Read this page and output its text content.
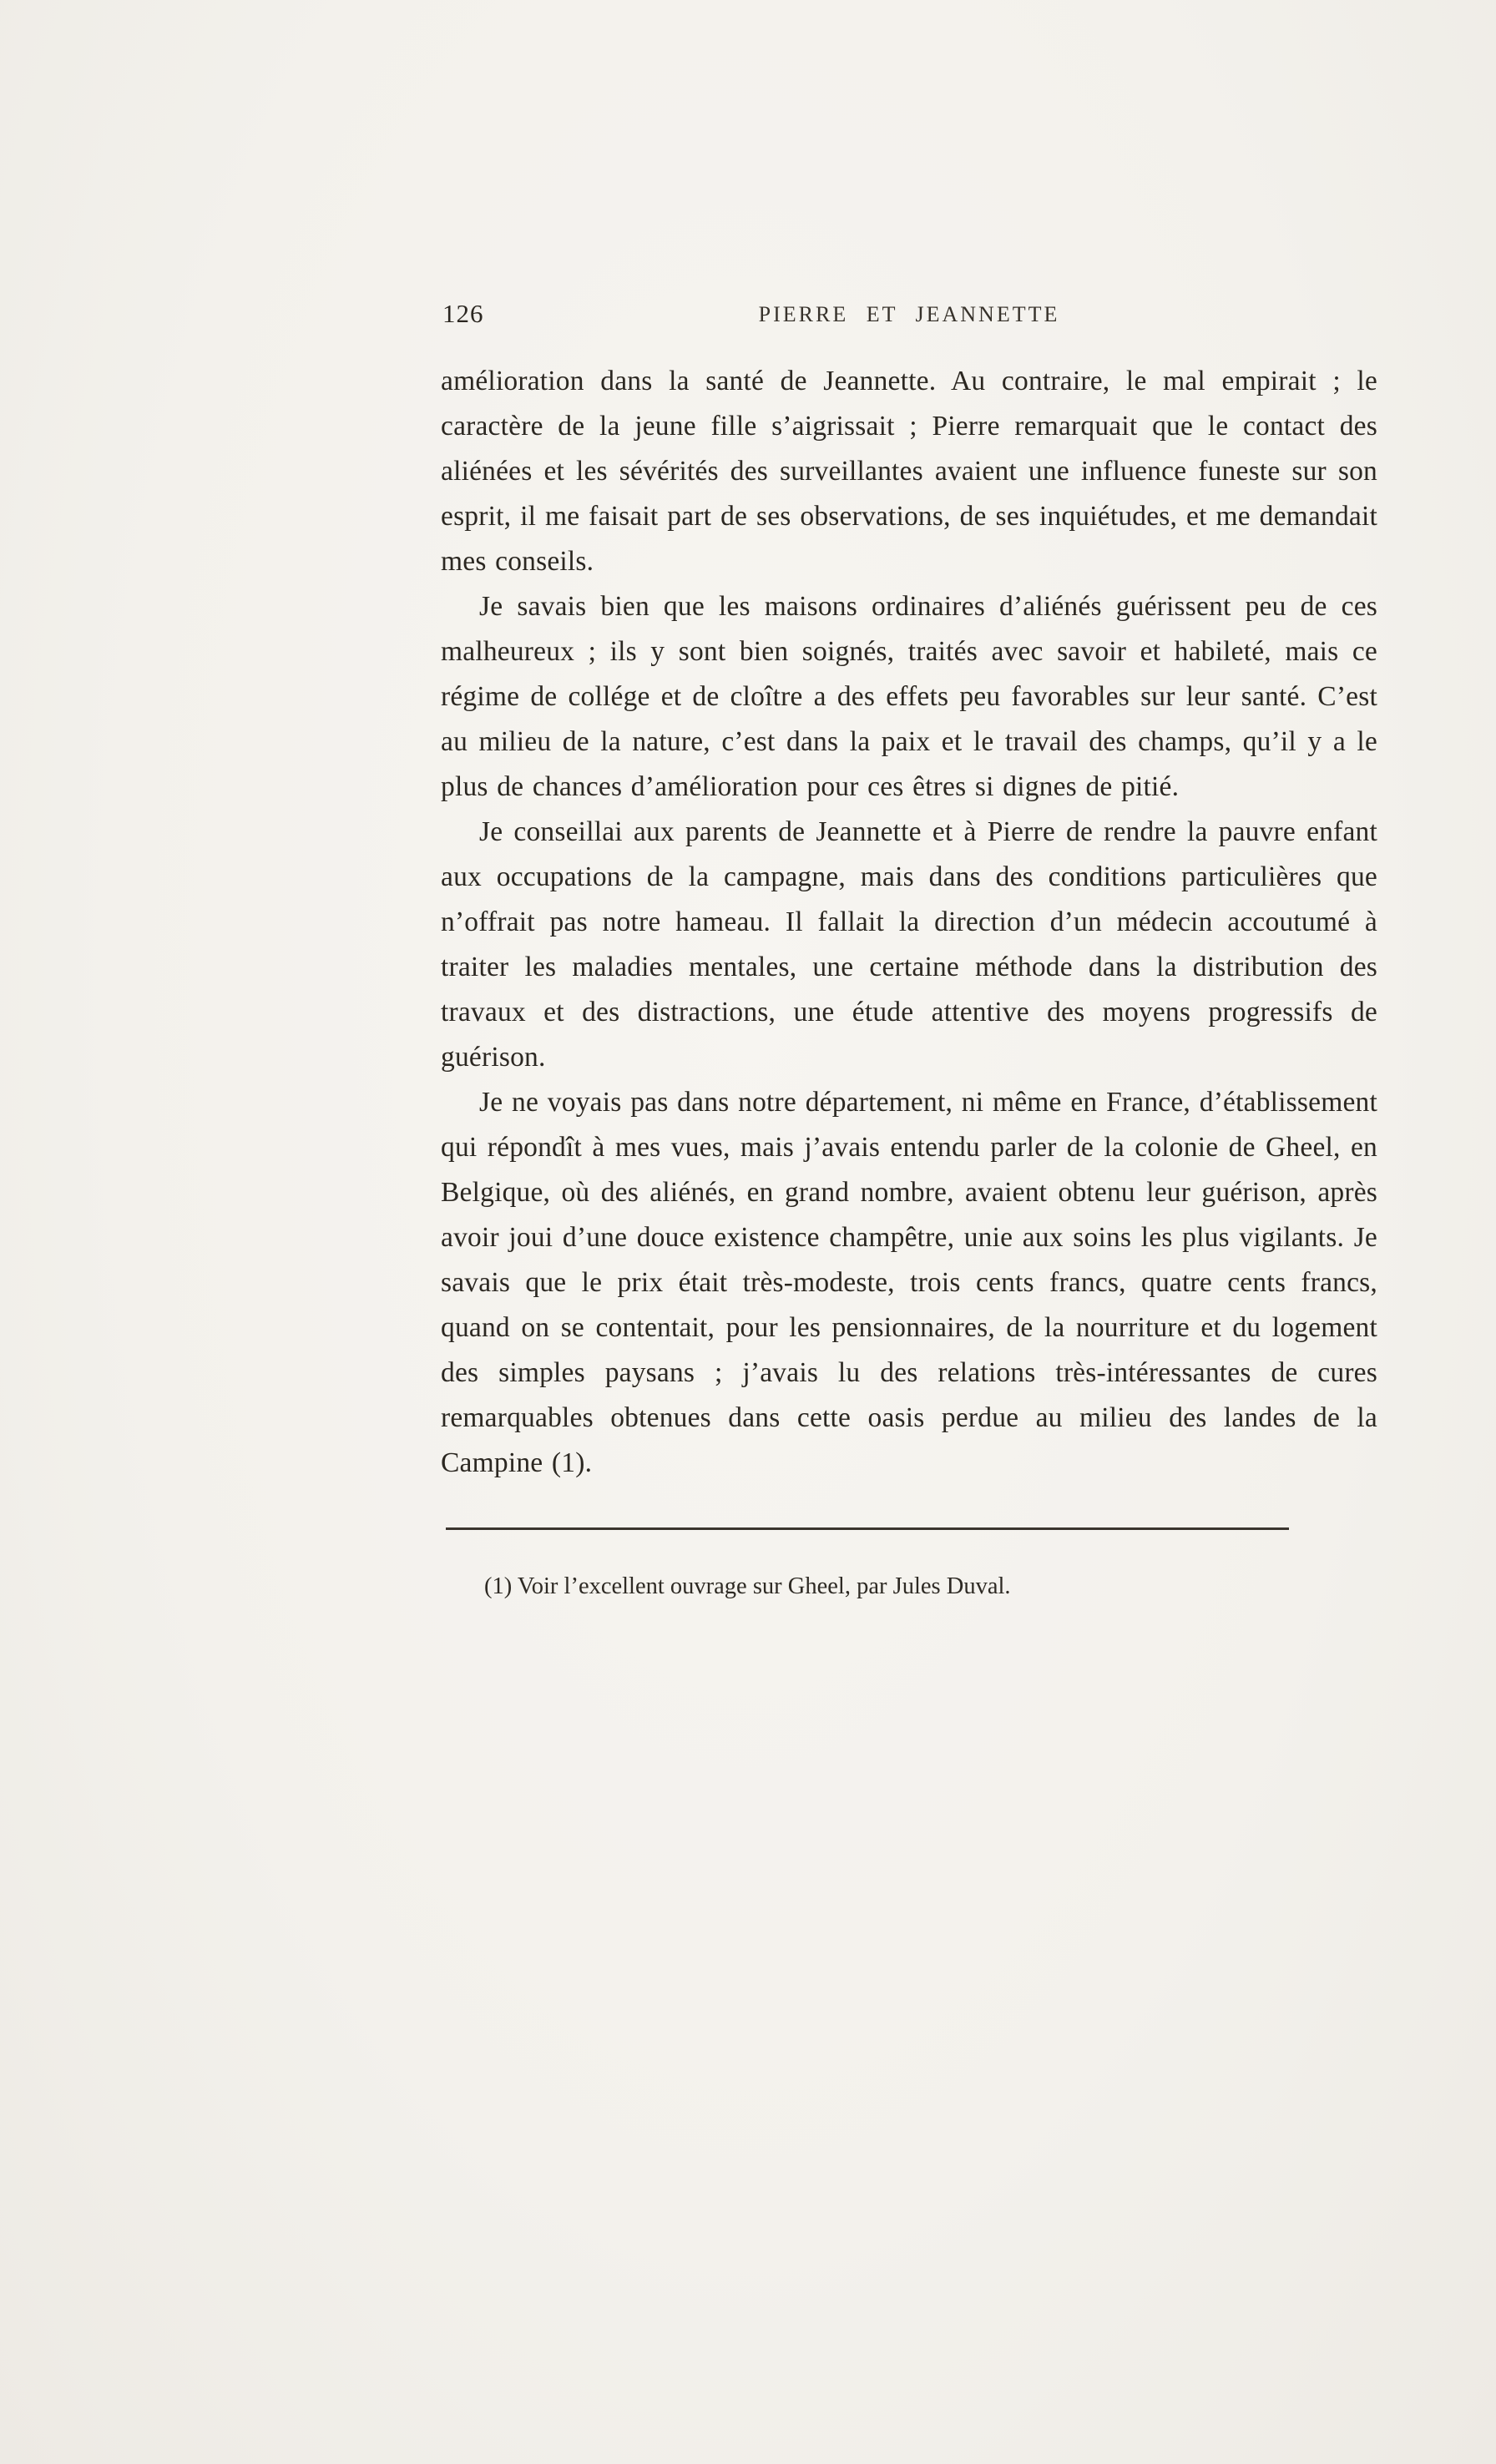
126	PIERRE ET JEANNETTE

amélioration dans la santé de Jeannette. Au contraire, le mal empirait ; le caractère de la jeune fille s’aigrissait ; Pierre remarquait que le contact des aliénées et les sévérités des surveillantes avaient une influence funeste sur son esprit, il me faisait part de ses observations, de ses inquiétudes, et me demandait mes conseils.

Je savais bien que les maisons ordinaires d’aliénés guérissent peu de ces malheureux ; ils y sont bien soignés, traités avec savoir et habileté, mais ce régime de collége et de cloître a des effets peu favorables sur leur santé. C’est au milieu de la nature, c’est dans la paix et le travail des champs, qu’il y a le plus de chances d’amélioration pour ces êtres si dignes de pitié.

Je conseillai aux parents de Jeannette et à Pierre de rendre la pauvre enfant aux occupations de la campagne, mais dans des conditions particulières que n’offrait pas notre hameau. Il fallait la direction d’un médecin accoutumé à traiter les maladies mentales, une certaine méthode dans la distribution des travaux et des distractions, une étude attentive des moyens progressifs de guérison.

Je ne voyais pas dans notre département, ni même en France, d’établissement qui répondît à mes vues, mais j’avais entendu parler de la colonie de Gheel, en Belgique, où des aliénés, en grand nombre, avaient obtenu leur guérison, après avoir joui d’une douce existence champêtre, unie aux soins les plus vigilants. Je savais que le prix était très-modeste, trois cents francs, quatre cents francs, quand on se contentait, pour les pensionnaires, de la nourriture et du logement des simples paysans ; j’avais lu des relations très-intéressantes de cures remarquables obtenues dans cette oasis perdue au milieu des landes de la Campine (1).

(1) Voir l’excellent ouvrage sur Gheel, par Jules Duval.
